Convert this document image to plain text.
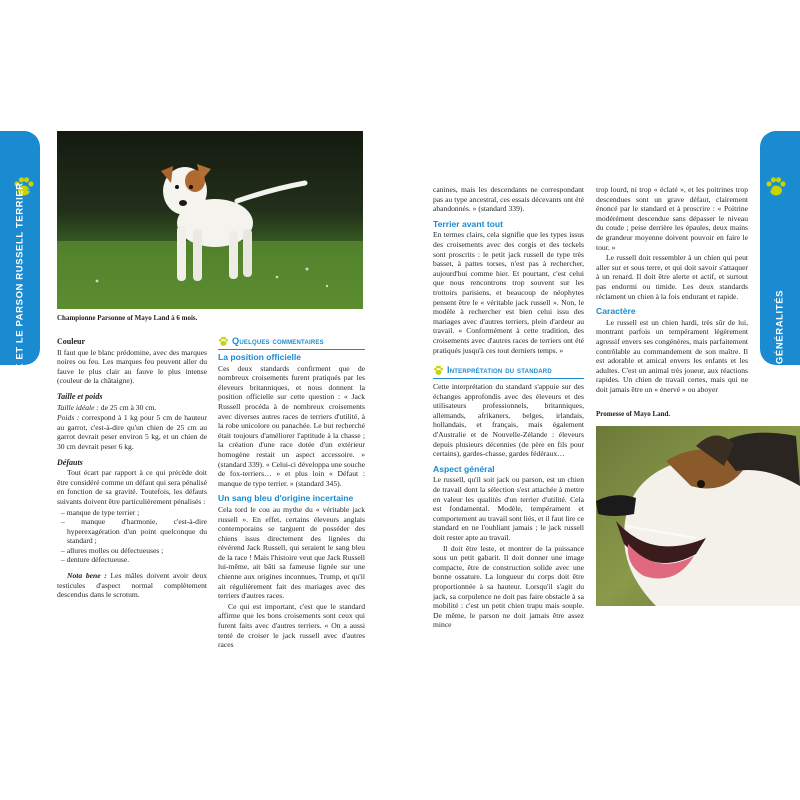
36
LE JACK ET LE PARSON RUSSELL TERRIER	37
GÉNÉRALITÉS
Championne Parsonne of Mayo Land à 6 mois.
Couleur

Il faut que le blanc prédomine, avec des marques noires ou feu. Les marques feu peuvent aller du fauve le plus clair au fauve le plus intense (couleur de la châtaigne).

Taille et poids

Taille idéale : de 25 cm à 30 cm.

Poids : correspond à 1 kg pour 5 cm de hauteur au garrot, c'est-à-dire qu'un chien de 25 cm au garrot devrait peser environ 5 kg, et un chien de 30 cm devrait peser 6 kg.

Défauts

Tout écart par rapport à ce qui précède doit être considéré comme un défaut qui sera pénalisé en fonction de sa gravité. Toutefois, les défauts suivants doivent être particulièrement pénalisés :

– manque de type terrier ;

– manque d'harmonie, c'est-à-dire hyperexagération d'un point quelconque du standard ;

– allures molles ou défectueuses ;

– denture défectueuse.

Nota bene : Les mâles doivent avoir deux testicules d'aspect normal complètement descendus dans le scrotum.

Quelques commentaires
La position officielle

Ces deux standards confirment que de nombreux croisements furent pratiqués par les éleveurs britanniques, et nous donnent la position officielle sur cette question : « Jack Russell procéda à de nombreux croisements avec diverses autres races de terriers d'utilité, à la robe unicolore ou panachée. Le but recherché était toujours d'améliorer l'aptitude à la chasse ; la création d'une race dotée d'un extérieur homogène restait un aspect accessoire. » (standard 339). « Celui-ci développa une souche de fox-terriers… » et plus loin « Défaut : manque de type terrier. » (standard 345).

Un sang bleu d'origine incertaine

Cela tord le cou au mythe du « véritable jack russell ». En effet, certains éleveurs anglais contemporains se targuent de posséder des chiens issus directement des lignées du révérend Jack Russell, qui seraient le sang bleu de la race ! Mais l'histoire veut que Jack Russell lui-même, ait bâti sa fameuse lignée sur une chienne aux origines inconnues, Trump, et qu'il ait régulièrement fait des mariages avec des terriers d'autres races.

Ce qui est important, c'est que le standard affirme que les bons croisements sont ceux qui furent faits avec d'autres terriers. « On a aussi tenté de croiser le jack russell avec d'autres races

canines, mais les descendants ne correspondant pas au type ancestral, ces essais décevants ont été abandonnés. » (standard 339).

Terrier avant tout

En termes clairs, cela signifie que les types issus des croisements avec des corgis et des teckels sont proscrits : le petit jack russell de type très basset, à pattes torses, n'est pas à rechercher, aujourd'hui comme hier. Et pourtant, c'est celui que nous rencontrons trop souvent sur les trottoirs parisiens, et beaucoup de néophytes pensent être le « véritable jack russell ». Non, le modèle à rechercher est bien celui issu des mariages avec d'autres terriers, plein d'ardeur au travail. « Conformément à cette tradition, des croisements avec d'autres races de terriers ont été pratiqués jusqu'à ces tout derniers temps. »

Interprétation du standard

Cette interprétation du standard s'appuie sur des échanges approfondis avec des éleveurs et des utilisateurs professionnels, britanniques, allemands, afrikaners, belges, irlandais, hollandais, et français, mais également d'Australie et de Nouvelle-Zélande : éleveurs depuis plusieurs décennies (de père en fils pour certains), gardes-chasse, gardes fédéraux…

Aspect général

Le russell, qu'il soit jack ou parson, est un chien de travail dont la sélection s'est attachée à mettre en valeur les qualités d'un terrier d'utilité. Cela est fondamental. Modèle, tempérament et comportement au travail sont liés, et il faut lire ce standard en ne l'oubliant jamais ; le jack russell doit rester apte au travail.

Il doit être leste, et montrer de la puissance sous un petit gabarit. Il doit donner une image compacte, être de construction solide avec une bonne ossature. La longueur du corps doit être proportionnée à sa hauteur. Lorsqu'il s'agit du jack, sa corpulence ne doit pas faire obstacle à sa mobilité : c'est un petit chien trapu mais souple. De même, le parson ne doit jamais être assez mince

trop lourd, ni trop « éclaté », et les poitrines trop descendues sont un grave défaut, clairement énoncé par le standard et à proscrire : « Poitrine modérément descendue sans dépasser le niveau du coude ; peise derrière les épaules, deux mains de grandeur moyenne doivent pouvoir en faire le tour. »

Le russell doit ressembler à un chien qui peut aller sur et sous terre, et qui doit savoir s'attaquer à un renard. Il doit être alerte et actif, et surtout pas endormi ou timide. Les deux standards réclament un chien à la fois endurant et rapide.

Caractère

Le russell est un chien hardi, très sûr de lui, montrant parfois un tempérament légèrement agressif envers ses congénères, mais parfaitement contrôlable au commandement de son maître. Il est adorable et amical envers les enfants et les adultes. C'est un animal très joueur, aux réactions rapides. Un chien de travail certes, mais qui ne doit jamais être un « énervé » ou aboyer

Promesse of Mayo Land.
